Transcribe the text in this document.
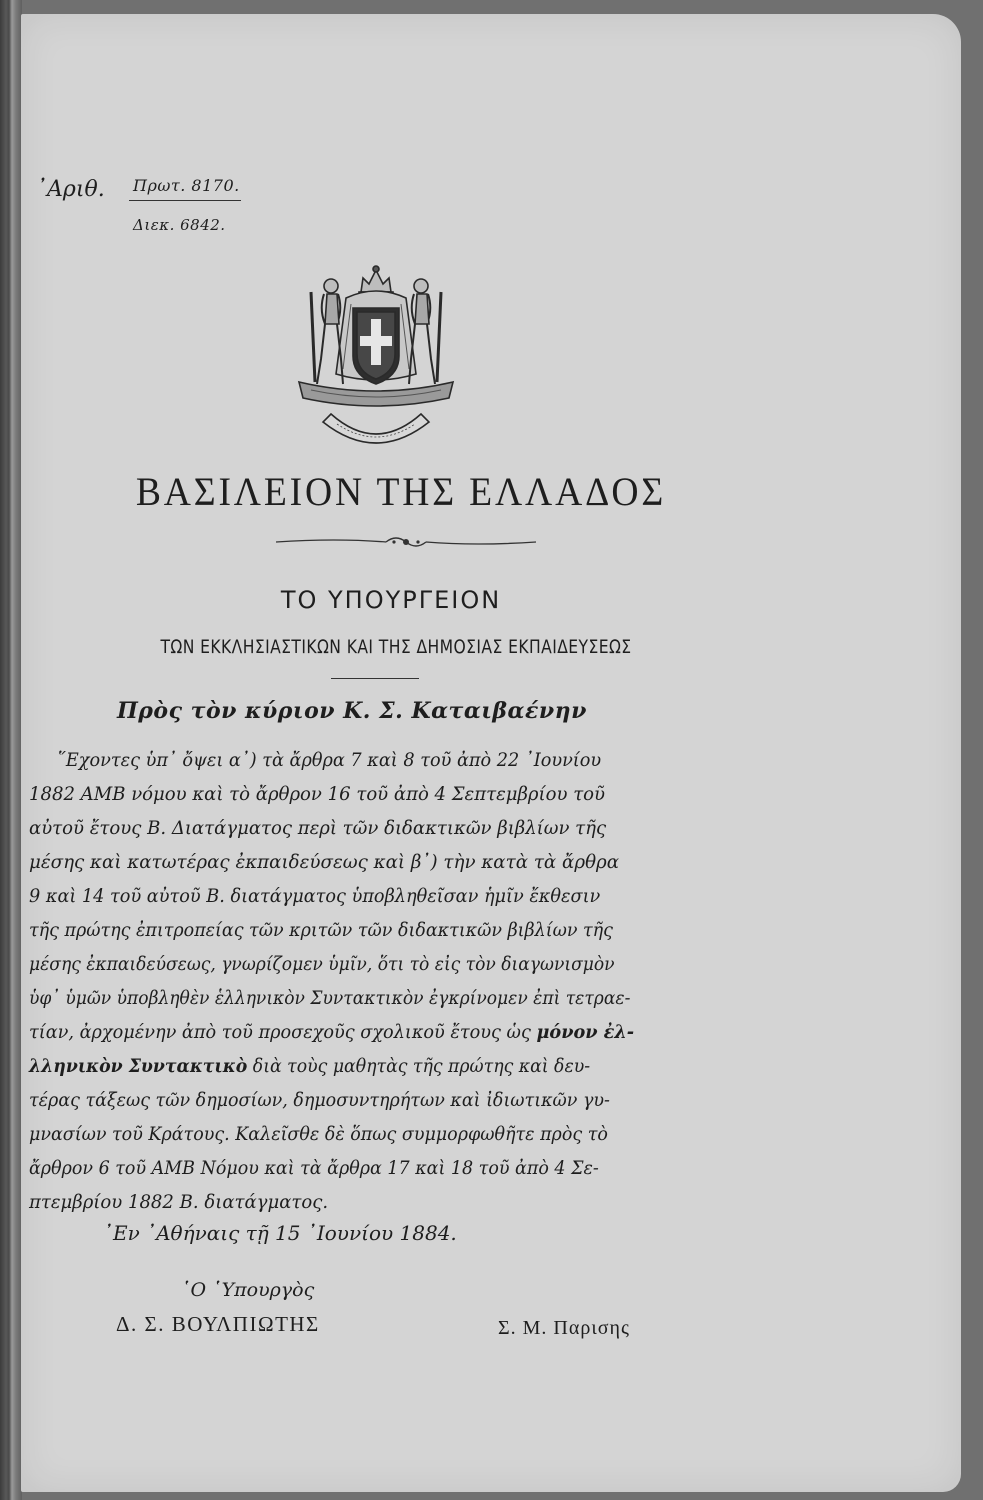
᾿Αριθ. Πρωτ. 8170.
Διεκ. 6842.
ΒΑΣΙΛΕΙΟΝ ΤΗΣ ΕΛΛΑΔΟΣ
ΤΟ ΥΠΟΥΡΓΕΙΟΝ
ΤΩΝ ΕΚΚΛΗΣΙΑΣΤΙΚΩΝ ΚΑΙ ΤΗΣ ΔΗΜΟΣΙΑΣ ΕΚΠΑΙΔΕΥΣΕΩΣ
Πρὸς τὸν κύριον Κ. Σ. Καταιβαένην
῞Εχοντες ὑπ᾿ ὄψει α᾿) τὰ ἄρθρα 7 καὶ 8 τοῦ ἀπὸ 22 ᾿Ιουνίου
1882 ΑΜΒ νόμου καὶ τὸ ἄρθρον 16 τοῦ ἀπὸ 4 Σεπτεμβρίου τοῦ
αὐτοῦ ἔτους Β. Διατάγματος περὶ τῶν διδακτικῶν βιβλίων τῆς
μέσης καὶ κατωτέρας ἐκπαιδεύσεως καὶ β᾿) τὴν κατὰ τὰ ἄρθρα
9 καὶ 14 τοῦ αὐτοῦ Β. διατάγματος ὑποβληθεῖσαν ἡμῖν ἔκθεσιν
τῆς πρώτης ἐπιτροπείας τῶν κριτῶν τῶν διδακτικῶν βιβλίων τῆς
μέσης ἐκπαιδεύσεως, γνωρίζομεν ὑμῖν, ὅτι τὸ εἰς τὸν διαγωνισμὸν
ὑφ᾿ ὑμῶν ὑποβληθὲν ἑλληνικὸν Συντακτικὸν ἐγκρίνομεν ἐπὶ τετραε-
τίαν, ἀρχομένην ἀπὸ τοῦ προσεχοῦς σχολικοῦ ἔτους ὡς μόνον ἐλ-
λληνικὸν Συντακτικὸ διὰ τοὺς μαθητὰς τῆς πρώτης καὶ δευ-
τέρας τάξεως τῶν δημοσίων, δημοσυντηρήτων καὶ ἰδιωτικῶν γυ-
μνασίων τοῦ Κράτους. Καλεῖσθε δὲ ὅπως συμμορφωθῆτε πρὸς τὸ
ἄρθρον 6 τοῦ ΑΜΒ Νόμου καὶ τὰ ἄρθρα 17 καὶ 18 τοῦ ἀπὸ 4 Σε-
πτεμβρίου 1882 Β. διατάγματος.
᾿Εν ᾿Αθήναις τῇ 15 ᾿Ιουνίου 1884.
῾Ο ῾Υπουργὸς
Δ. Σ. ΒΟΥΛΠΙΩΤΗΣ	Σ. Μ. Παρισης
